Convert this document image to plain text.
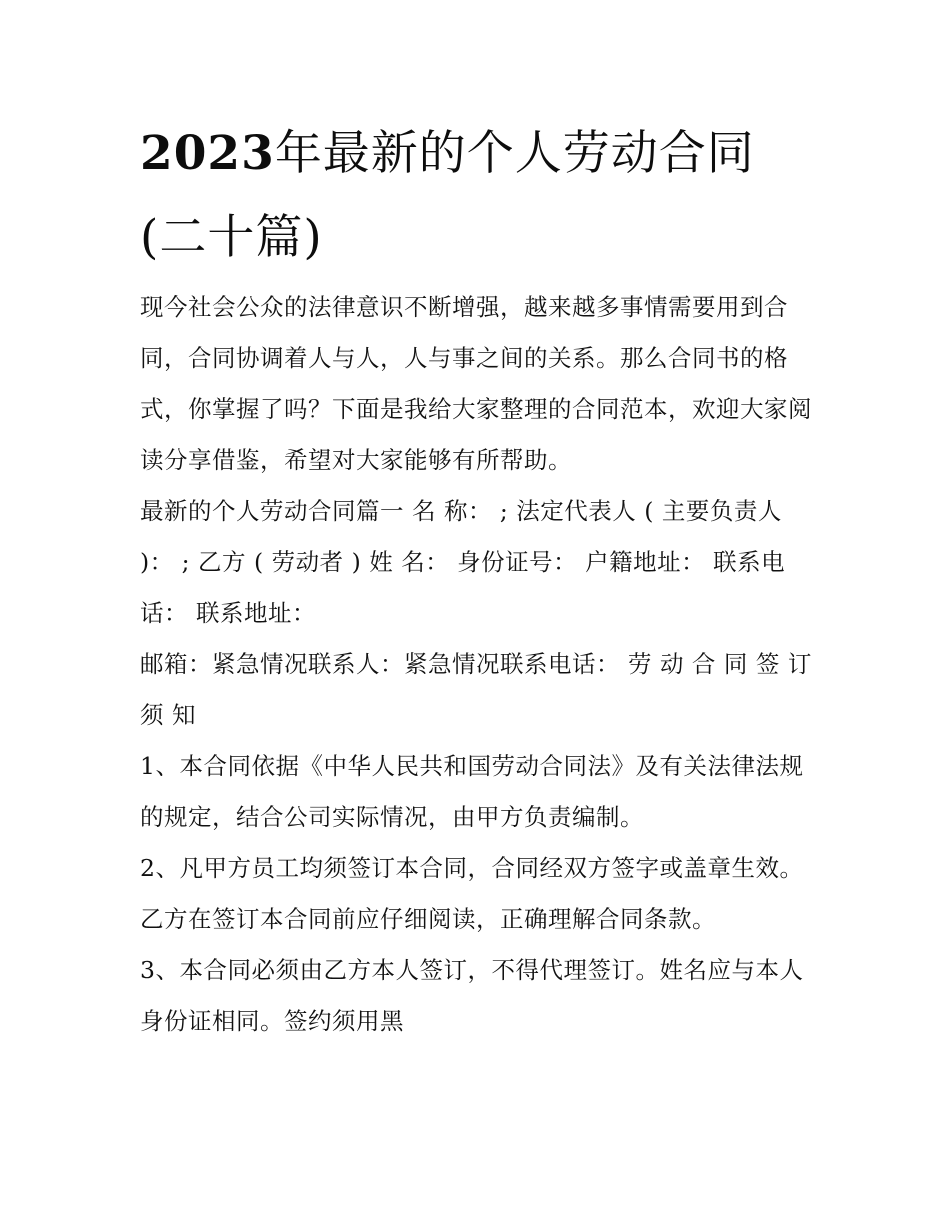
2023年最新的个人劳动合同
(二十篇)

现今社会公众的法律意识不断增强，越来越多事情需要用到合同，合同协调着人与人，人与事之间的关系。那么合同书的格式，你掌握了吗？下面是我给大家整理的合同范本，欢迎大家阅读分享借鉴，希望对大家能够有所帮助。

最新的个人劳动合同篇一 名 称： ; 法定代表人 ( 主要负责人 )： ; 乙方 ( 劳动者 ) 姓 名： 身份证号： 户籍地址： 联系电话： 联系地址：

邮箱：紧急情况联系人：紧急情况联系电话： 劳 动 合 同 签 订 须 知

1、本合同依据《中华人民共和国劳动合同法》及有关法律法规的规定，结合公司实际情况，由甲方负责编制。

2、凡甲方员工均须签订本合同，合同经双方签字或盖章生效。乙方在签订本合同前应仔细阅读，正确理解合同条款。

3、本合同必须由乙方本人签订，不得代理签订。姓名应与本人身份证相同。签约须用黑
